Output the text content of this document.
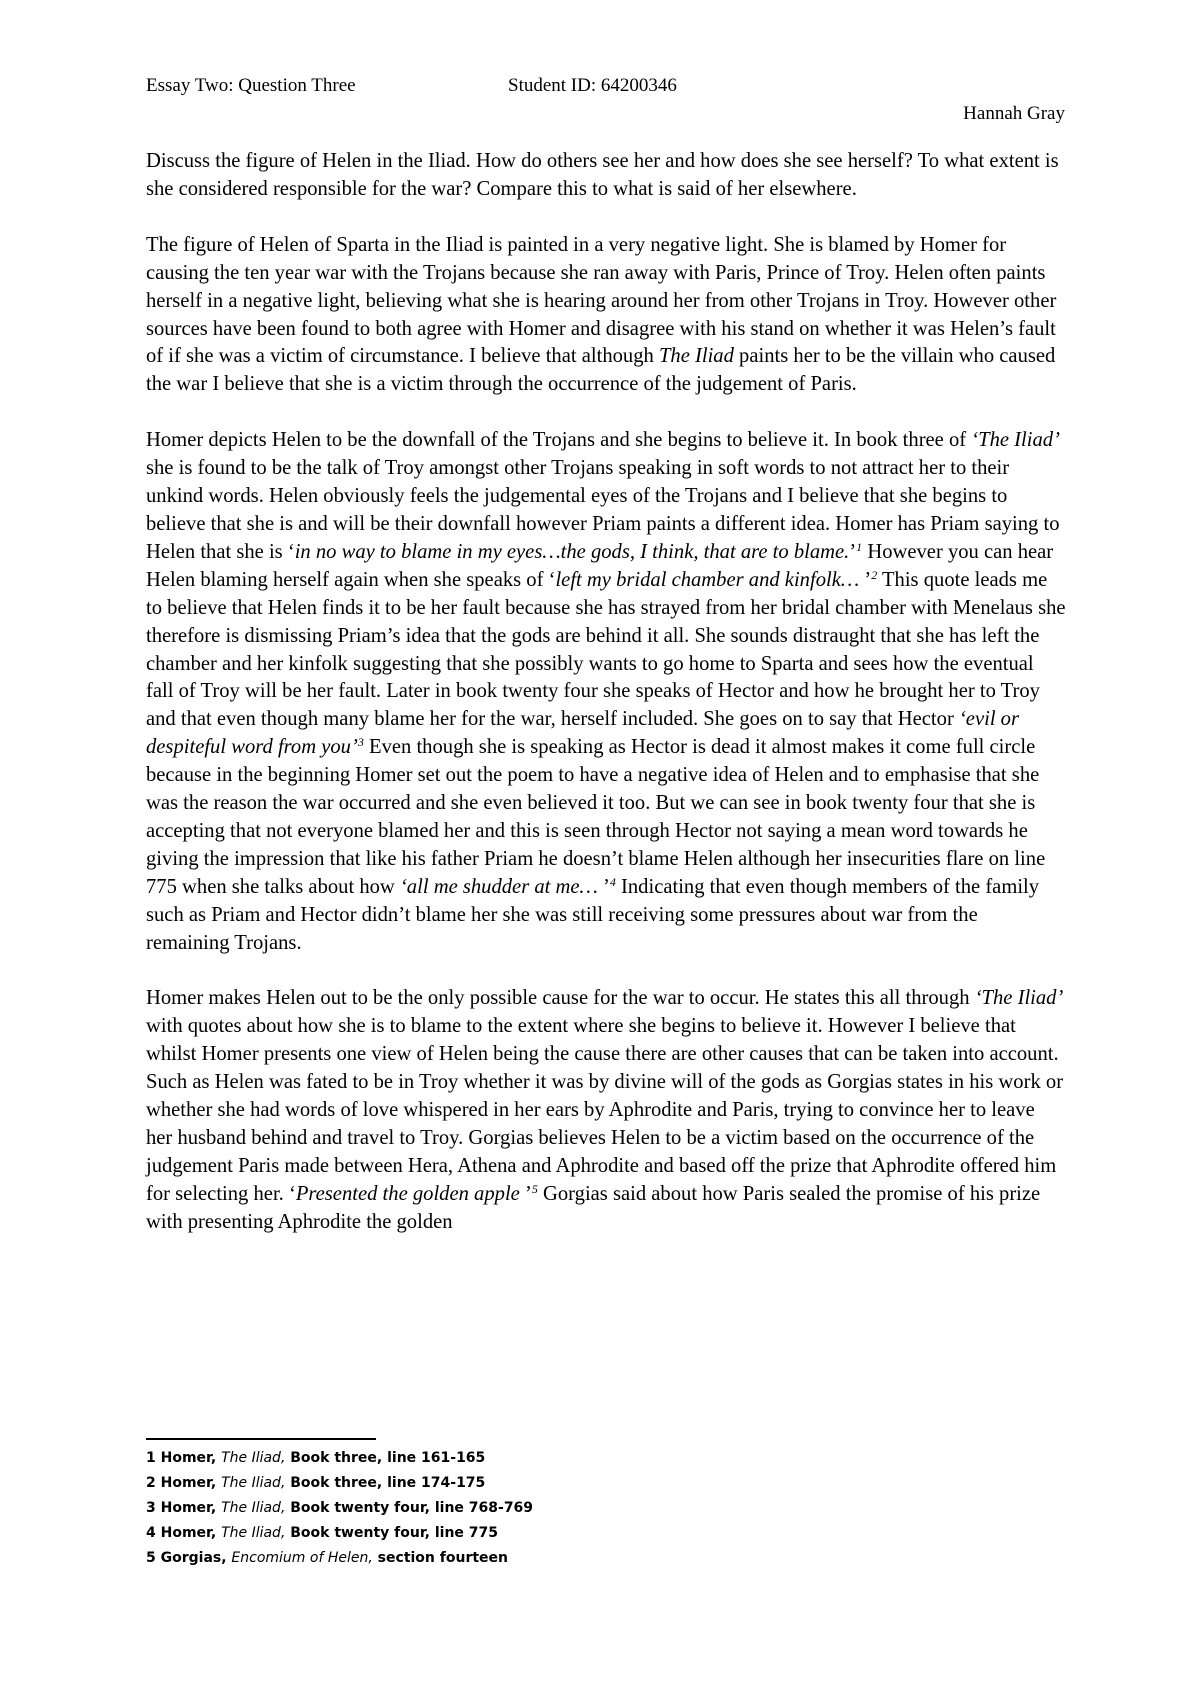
Essay Two: Question Three	Student ID: 64200346
Hannah Gray

Discuss the figure of Helen in the Iliad. How do others see her and how does she see herself? To what extent is she considered responsible for the war? Compare this to what is said of her elsewhere.

The figure of Helen of Sparta in the Iliad is painted in a very negative light. She is blamed by Homer for causing the ten year war with the Trojans because she ran away with Paris, Prince of Troy. Helen often paints herself in a negative light, believing what she is hearing around her from other Trojans in Troy. However other sources have been found to both agree with Homer and disagree with his stand on whether it was Helen’s fault of if she was a victim of circumstance. I believe that although The Iliad paints her to be the villain who caused the war I believe that she is a victim through the occurrence of the judgement of Paris.

Homer depicts Helen to be the downfall of the Trojans and she begins to believe it. In book three of ‘The Iliad’ she is found to be the talk of Troy amongst other Trojans speaking in soft words to not attract her to their unkind words. Helen obviously feels the judgemental eyes of the Trojans and I believe that she begins to believe that she is and will be their downfall however Priam paints a different idea. Homer has Priam saying to Helen that she is ‘in no way to blame in my eyes…the gods, I think, that are to blame.’$^1$ However you can hear Helen blaming herself again when she speaks of ‘left my bridal chamber and kinfolk… ’$^2$ This quote leads me to believe that Helen finds it to be her fault because she has strayed from her bridal chamber with Menelaus she therefore is dismissing Priam’s idea that the gods are behind it all. She sounds distraught that she has left the chamber and her kinfolk suggesting that she possibly wants to go home to Sparta and sees how the eventual fall of Troy will be her fault. Later in book twenty four she speaks of Hector and how he brought her to Troy and that even though many blame her for the war, herself included. She goes on to say that Hector ‘evil or despiteful word from you’$^3$ Even though she is speaking as Hector is dead it almost makes it come full circle because in the beginning Homer set out the poem to have a negative idea of Helen and to emphasise that she was the reason the war occurred and she even believed it too. But we can see in book twenty four that she is accepting that not everyone blamed her and this is seen through Hector not saying a mean word towards he giving the impression that like his father Priam he doesn’t blame Helen although her insecurities flare on line 775 when she talks about how ‘all me shudder at me… ’$^4$ Indicating that even though members of the family such as Priam and Hector didn’t blame her she was still receiving some pressures about war from the remaining Trojans.

Homer makes Helen out to be the only possible cause for the war to occur. He states this all through ‘The Iliad’ with quotes about how she is to blame to the extent where she begins to believe it. However I believe that whilst Homer presents one view of Helen being the cause there are other causes that can be taken into account. Such as Helen was fated to be in Troy whether it was by divine will of the gods as Gorgias states in his work or whether she had words of love whispered in her ears by Aphrodite and Paris, trying to convince her to leave her husband behind and travel to Troy. Gorgias believes Helen to be a victim based on the occurrence of the judgement Paris made between Hera, Athena and Aphrodite and based off the prize that Aphrodite offered him for selecting her. ‘Presented the golden apple ’$^5$ Gorgias said about how Paris sealed the promise of his prize with presenting Aphrodite the golden

1 Homer, The Iliad, Book three, line 161-165
2 Homer, The Iliad, Book three, line 174-175
3 Homer, The Iliad, Book twenty four, line 768-769
4 Homer, The Iliad, Book twenty four, line 775
5 Gorgias, Encomium of Helen, section fourteen
